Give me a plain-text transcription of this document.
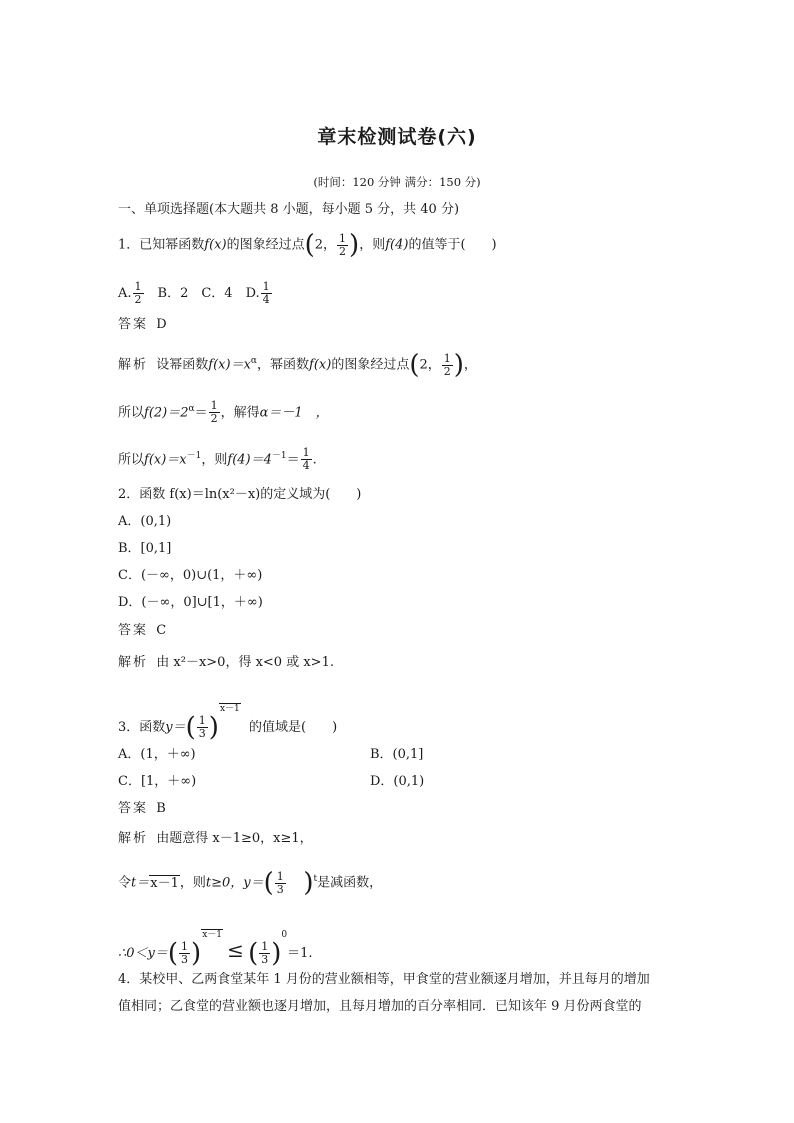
章末检测试卷(六)
(时间：120 分钟 满分：150 分)
一、单项选择题(本大题共 8 小题，每小题 5 分，共 40 分)
1．已知幂函数f(x)的图象经过点(2， $\frac{1}{2}$ )，则f(4)的值等于(　　)
A. $\frac{1}{2}$ 　B．2　C．4　D. $\frac{1}{4}$
答案 D
解析 设幂函数$f(x)=x^\alpha$，幂函数f(x)的图象经过点(2， $\frac{1}{2}$ )，
所以$f(2)=2^\alpha= \frac{1}{2}$ ，解得α＝－1　，
所以$f(x)=x^{-1}$，则$f(4)=4^{-1}= \frac{1}{4}$ .
2．函数 f(x)＝ln(x²－x)的定义域为(　　)
A．(0,1)
B．[0,1]
C．(－∞，0)∪(1，＋∞)
D．(－∞，0]∪[1，＋∞)
答案 C
解析 由 x²－x>0，得 x<0 或 x>1.
3．函数$y=( \frac{1}{3} )^{x-1}$  的值域是(　　)
A．(1，＋∞)	B．(0,1]
C．[1，＋∞)	D．(0,1)
答案 B
解析 由题意得 x－1≥0，x≥1，
令t＝x－1，则t≥0，$y=( \frac{1}{3} )^t$是减函数，
∴0＜y＝( $\frac{1}{3} )^{x-1}$ ≤ ( $\frac{1}{3} )^0=1$.
4．某校甲、乙两食堂某年 1 月份的营业额相等，甲食堂的营业额逐月增加，并且每月的增加
值相同；乙食堂的营业额也逐月增加，且每月增加的百分率相同．已知该年 9 月份两食堂的
